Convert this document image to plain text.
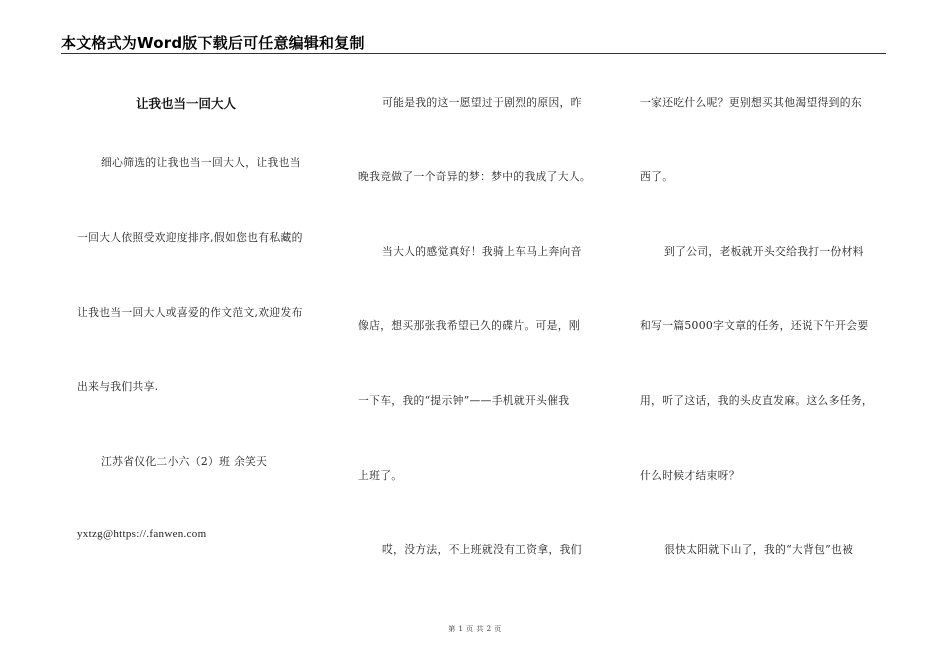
本文格式为Word版下载后可任意编辑和复制
让我也当一回大人
细心筛选的让我也当一回大人，让我也当
一回大人依照受欢迎度排序,假如您也有私藏的
让我也当一回大人或喜爱的作文范文,欢迎发布
出来与我们共享.
江苏省仪化二小六（2）班 余笑天
yxtzg@https://.fanwen.com
可能是我的这一愿望过于剧烈的原因，昨
晚我竞做了一个奇异的梦：梦中的我成了大人。
当大人的感觉真好！我骑上车马上奔向音
像店，想买那张我希望已久的碟片。可是，刚
一下车，我的“提示钟”——手机就开头催我
上班了。
哎，没方法，不上班就没有工资拿，我们
一家还吃什么呢？更别想买其他渴望得到的东
西了。
到了公司，老板就开头交给我打一份材料
和写一篇5000字文章的任务，还说下午开会要
用，听了这话，我的头皮直发麻。这么多任务，
什么时候才结束呀？
很快太阳就下山了，我的“大背包”也被
第 1 页 共 2 页
